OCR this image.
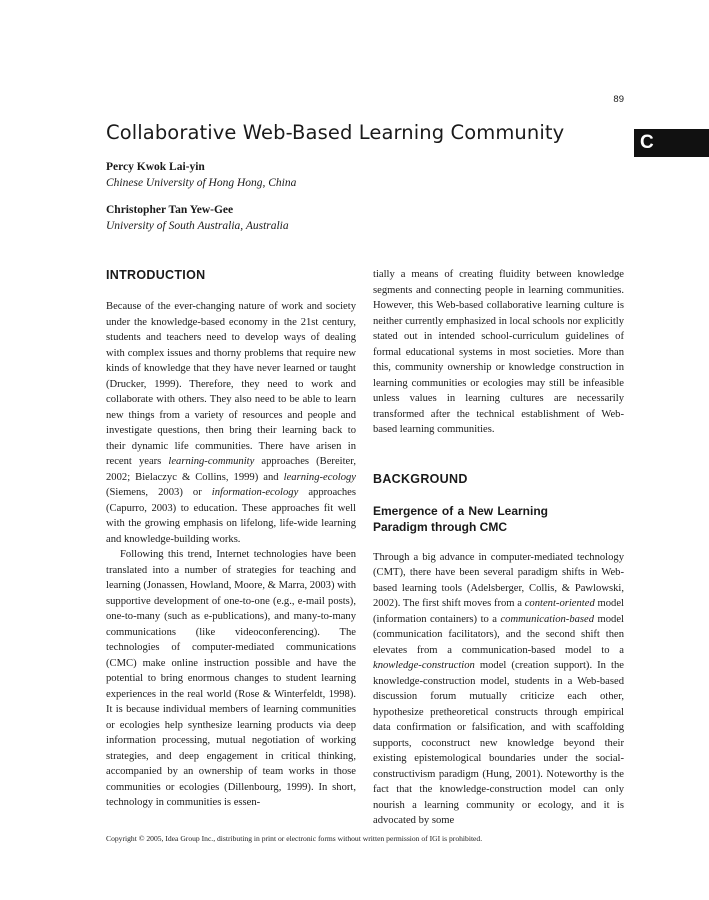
89
Collaborative Web-Based Learning Community	C
Percy Kwok Lai-yin
Chinese University of Hong Hong, China
Christopher Tan Yew-Gee
University of South Australia, Australia
INTRODUCTION

Because of the ever-changing nature of work and society under the knowledge-based economy in the 21st century, students and teachers need to develop ways of dealing with complex issues and thorny problems that require new kinds of knowledge that they have never learned or taught (Drucker, 1999). Therefore, they need to work and collaborate with others. They also need to be able to learn new things from a variety of resources and people and investigate questions, then bring their learning back to their dynamic life communities. There have arisen in recent years learning-community approaches (Bereiter, 2002; Bielaczyc & Collins, 1999) and learning-ecology (Siemens, 2003) or information-ecology approaches (Capurro, 2003) to education. These approaches fit well with the growing emphasis on lifelong, life-wide learning and knowledge-building works.

Following this trend, Internet technologies have been translated into a number of strategies for teaching and learning (Jonassen, Howland, Moore, & Marra, 2003) with supportive development of one-to-one (e.g., e-mail posts), one-to-many (such as e-publications), and many-to-many communications (like videoconferencing). The technologies of computer-mediated communications (CMC) make online instruction possible and have the potential to bring enormous changes to student learning experiences in the real world (Rose & Winterfeldt, 1998). It is because individual members of learning communities or ecologies help synthesize learning products via deep information processing, mutual negotiation of working strategies, and deep engagement in critical thinking, accompanied by an ownership of team works in those communities or ecologies (Dillenbourg, 1999). In short, technology in communities is essen-

tially a means of creating fluidity between knowledge segments and connecting people in learning communities. However, this Web-based collaborative learning culture is neither currently emphasized in local schools nor explicitly stated out in intended school-curriculum guidelines of formal educational systems in most societies. More than this, community ownership or knowledge construction in learning communities or ecologies may still be infeasible unless values in learning cultures are necessarily transformed after the technical establishment of Web-based learning communities.

BACKGROUND
Emergence of a New Learning Paradigm through CMC

Through a big advance in computer-mediated technology (CMT), there have been several paradigm shifts in Web-based learning tools (Adelsberger, Collis, & Pawlowski, 2002). The first shift moves from a content-oriented model (information containers) to a communication-based model (communication facilitators), and the second shift then elevates from a communication-based model to a knowledge-construction model (creation support). In the knowledge-construction model, students in a Web-based discussion forum mutually criticize each other, hypothesize pretheoretical constructs through empirical data confirmation or falsification, and with scaffolding supports, coconstruct new knowledge beyond their existing epistemological boundaries under the social-constructivism paradigm (Hung, 2001). Noteworthy is the fact that the knowledge-construction model can only nourish a learning community or ecology, and it is advocated by some

Copyright © 2005, Idea Group Inc., distributing in print or electronic forms without written permission of IGI is prohibited.
